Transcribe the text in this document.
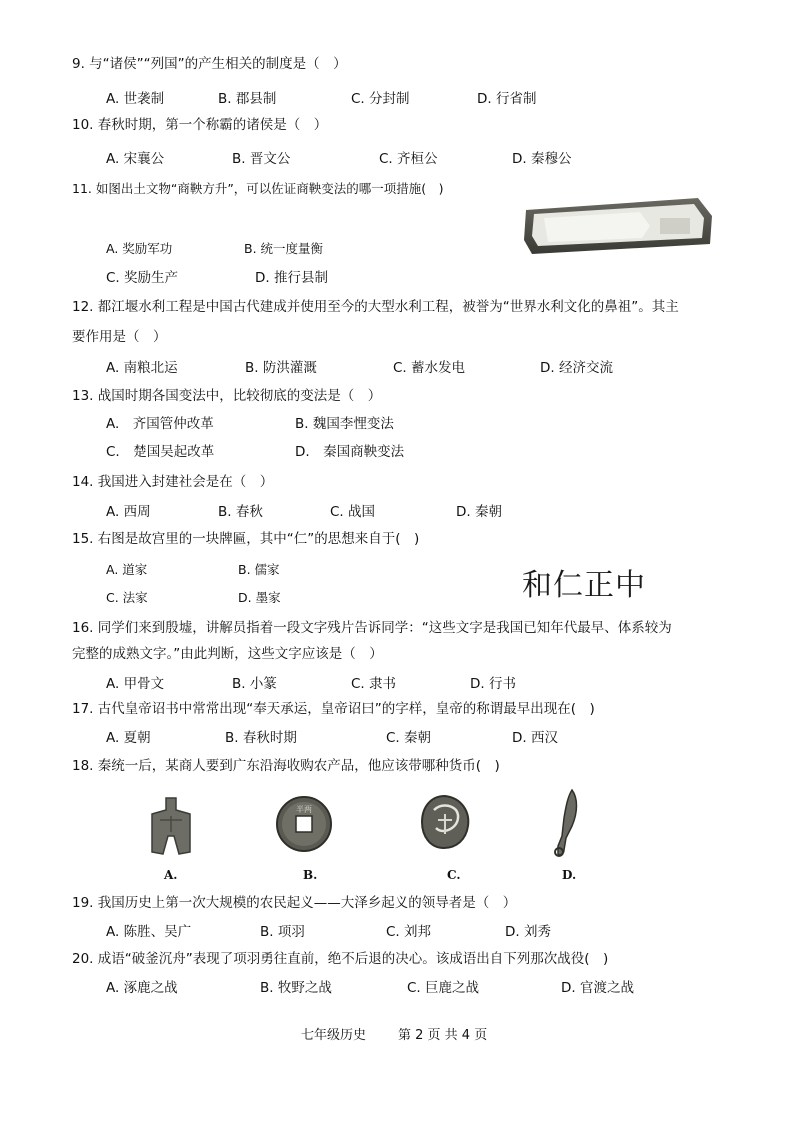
9. 与“诸侯”“列国”的产生相关的制度是（　）
A. 世袭制	B. 郡县制	C. 分封制	D. 行省制
10. 春秋时期，第一个称霸的诸侯是（　）
A. 宋襄公	B. 晋文公	C. 齐桓公	D. 秦穆公
11. 如图出土文物“商鞅方升”，可以佐证商鞅变法的哪一项措施(　)
A. 奖励军功	B. 统一度量衡
C. 奖励生产	D. 推行县制
12. 都江堰水利工程是中国古代建成并使用至今的大型水利工程，被誉为“世界水利文化的鼻祖”。其主
要作用是（　）
A. 南粮北运	B. 防洪灌溉	C. 蓄水发电	D. 经济交流
13. 战国时期各国变法中，比较彻底的变法是（　）
A.　齐国管仲改革	B. 魏国李悝变法
C.　楚国吴起改革	D.　秦国商鞅变法
14. 我国进入封建社会是在（　）
A. 西周	B. 春秋	C. 战国	D. 秦朝
15. 右图是故宫里的一块牌匾，其中“仁”的思想来自于(　)
A. 道家	B. 儒家	和仁正中
C. 法家	D. 墨家
16. 同学们来到殷墟，讲解员指着一段文字残片告诉同学：“这些文字是我国已知年代最早、体系较为
完整的成熟文字。”由此判断，这些文字应该是（　）
A. 甲骨文	B. 小篆	C. 隶书	D. 行书
17. 古代皇帝诏书中常常出现“奉天承运，皇帝诏曰”的字样，皇帝的称谓最早出现在(　)
A. 夏朝	B. 春秋时期	C. 秦朝	D. 西汉
18. 秦统一后，某商人要到广东沿海收购农产品，他应该带哪种货币(　)
半两
A.	B.	C.	D.
19. 我国历史上第一次大规模的农民起义——大泽乡起义的领导者是（　）
A. 陈胜、吴广	B. 项羽	C. 刘邦	D. 刘秀
20. 成语“破釜沉舟”表现了项羽勇往直前，绝不后退的决心。该成语出自下列那次战役(　)
A. 涿鹿之战	B. 牧野之战	C. 巨鹿之战	D. 官渡之战
七年级历史 第 2 页 共 4 页
